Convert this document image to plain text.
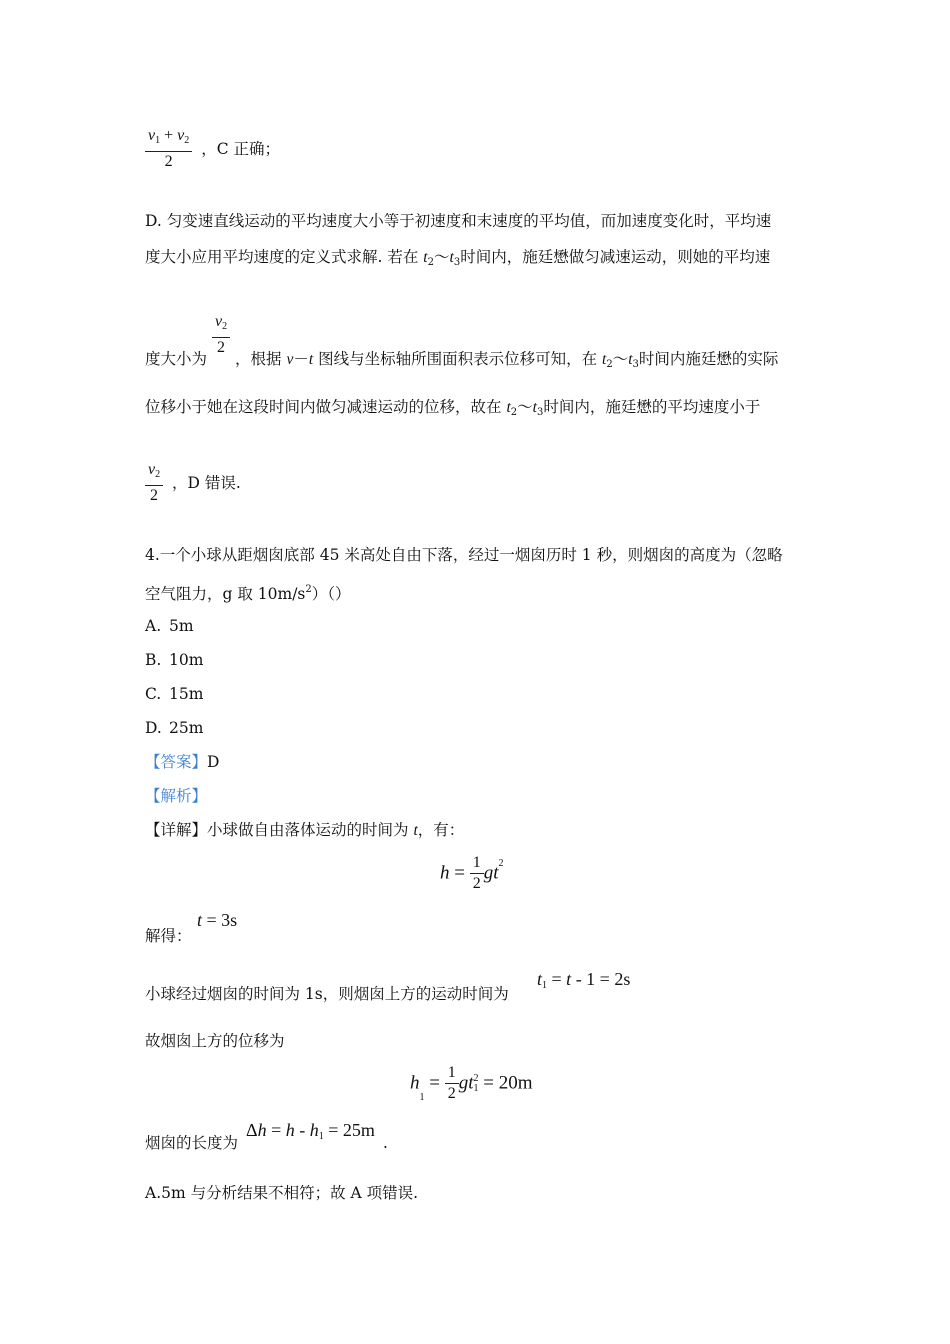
$\frac{v_1 + v_2}{2}$ ，C 正确；
D. 匀变速直线运动的平均速度大小等于初速度和末速度的平均值，而加速度变化时，平均速
度大小应用平均速度的定义式求解. 若在 $t_2\sim t_3$时间内，施廷懋做匀减速运动，则她的平均速
度大小为
$\frac{v_2}{2}$
，根据 v－t 图线与坐标轴所围面积表示位移可知，在 $t_2\sim t_3$时间内施廷懋的实际
位移小于她在这段时间内做匀减速运动的位移，故在 $t_2\sim t_3$时间内，施廷懋的平均速度小于
$\frac{v_2}{2}$ ，D 错误.
4.一个小球从距烟囱底部 45 米高处自由下落，经过一烟囱历时 1 秒，则烟囱的高度为（忽略
空气阻力，g 取 $10m/s^2)()$
A. 5m
B. 10m
C. 15m
D. 25m
【答案】D
【解析】
【详解】小球做自由落体运动的时间为 t，有：
$h = \frac{1}{2} gt^2$
解得：
t = 3s
小球经过烟囱的时间为 1s，则烟囱上方的运动时间为
$t_1 = t - 1 = 2s$
故烟囱上方的位移为
$h_1 = \frac{1}{2}$ gt 2
1 = 20m
烟囱的长度为
$\Delta h = h - h_1 = 25m$
.
A.5m 与分析结果不相符；故 A 项错误.
